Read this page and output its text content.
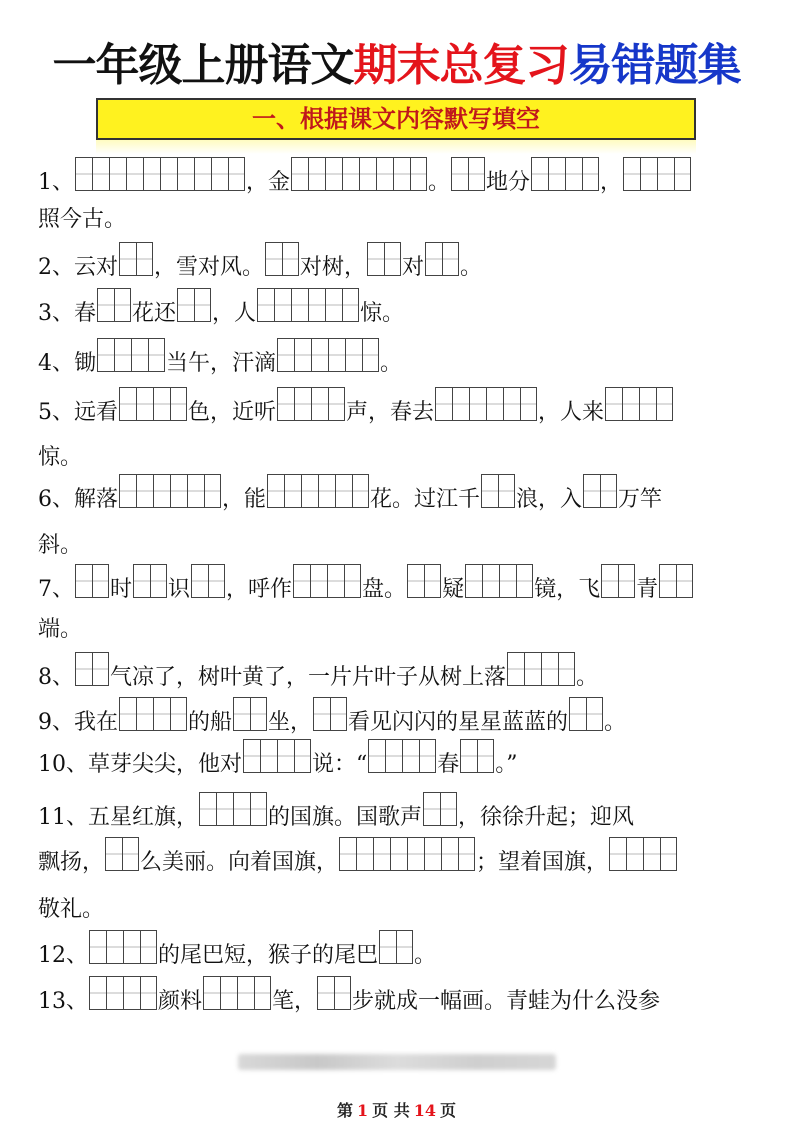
一年级上册语文期末总复习易错题集
一、根据课文内容默写填空
1、	，金	。 地分	，
照今古。
2、云对 ，雪对风。 对树， 对 。
3、春 花还 ，人	惊。
4、锄	当午，汗滴	。
5、远看	色，近听	声，春去	，人来
惊。
6、解落	，能	花。过江千 浪，入 万竿
斜。
7、 时 识 ，呼作	盘。 疑	镜，飞 青
端。
8、 气凉了，树叶黄了，一片片叶子从树上落	。
9、我在	的船 坐， 看见闪闪的星星蓝蓝的 。
10、草芽尖尖，他对	说：“	春 。”
11、五星红旗，	的国旗。国歌声 ，徐徐升起；迎风
飘扬， 么美丽。向着国旗，	；望着国旗，
敬礼。
12、	的尾巴短，猴子的尾巴 。
13、	颜料	笔， 步就成一幅画。青蛙为什么没参
第 1 页 共 14 页
